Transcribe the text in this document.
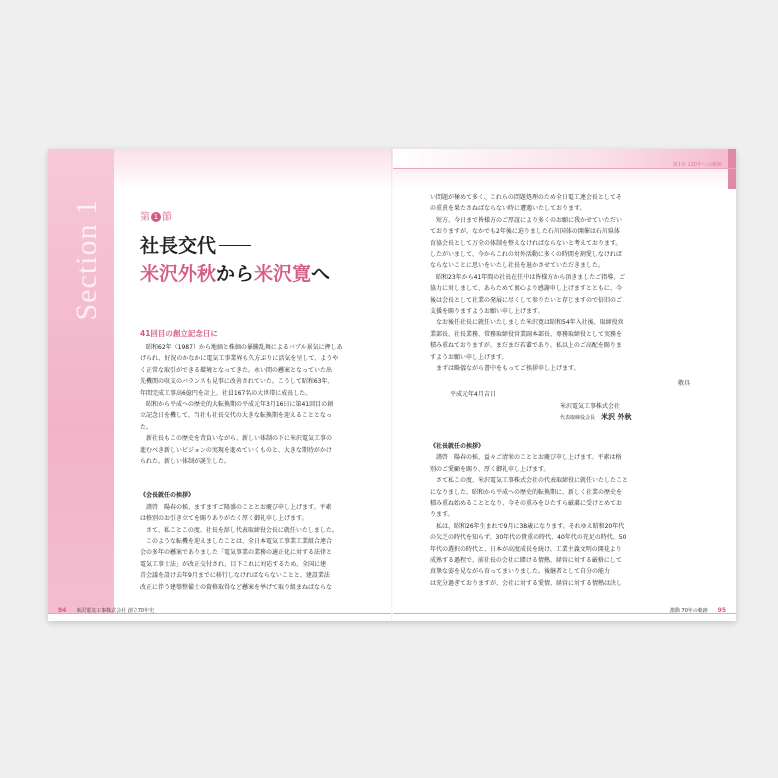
第1章 120年への軌跡
Section 1	第 1 節
社長交代
米沢外秋から米沢寛へ
41回目の創立記念日に

　昭和62年（1987）から地価と株価の暴騰乱舞によるバブル景気に押しあ

げられ、好況のかなかに電気工事業界も久方ぶりに活気を呈して、ようや

く正常な取引ができる環境となってきた。永い間の懸案となっていた出

先機関の収支のバランスも見事に改善されていた。こうして昭和63年、

年間完成工事高6億円を計上、社員167名の大世帯に成長した。

　昭和から平成への歴史的大転換期の平成元年3月16日に第41回目の創

立記念日を機して、当社も社長交代の大きな転換期を迎えることとなっ

た。

　新社長もこの歴史を背負いながら、新しい体制の下に米沢電気工事の

進むべき新しいビジョンの実現を進めていくものと、大きな期待がかけ

られた。新しい体制が誕生した。

《会長就任の挨拶》

　謹啓　陽春の候、ますますご隆盛のこととお慶び申し上げます。平素

は格別のお引き立てを賜りありがたく厚く御礼申し上げます。

　さて、私ことこの度、社長を辞し代表取締役会長に就任いたしました。

　このような転機を迎えましたことは、全日本電気工事業工業組合連合

会の多年の懸案でありました「電気事業の業務の適正化に対する法律と

電気工事士法」が改正交付され、目下これに対応するため、全国に建

青会議を設け去年9月までに移行しなければならないことと、建設業法

改正に伴う建築整備士の資格取得など懸案を挙げて取り組まねばならな

い問題が極めて多く、これらの問題処理のため全日電工連会長としてそ

の重責を果たさねばならない時に遭遇いたしております。

　短方、今日まで皆様方のご厚誼により多くのお願に我かせていただい

ておりますが、なかでも2年後に迫りました石川国体の開催は石川県体

育協会長として万全の体制を整えなければならないと考えております。

したがいまして、今からこれの対外活動に多くの時間を割愛しなければ

ならないことに思いをいたし社長を退かさせていただきました。

　昭和23年から41年間の社長在任中は皆様方から頂きましたご指導、ご

協力に対しまして、あらためて衷心より感謝申し上げますとともに、今

後は会長として社業の発展に尽くして参りたいと存じますので倍旧のご

支援を賜りますようお願い申し上げます。

　なお後任社長に就任いたしました米沢寛は昭和54年入社後、取締役営

業部長、社長業務、常務取締役営業副本部長、専務取締役として実務を

積み重ねておりますが、まだまだ若輩であり、私以上のご高配を賜りま

すようお願い申し上げます。

　まずは略儀ながら書中をもってご挨拶申し上げます。

敬具

平成元年4月吉日

米沢電気工事株式会社

代表取締役会長　 米沢 外秋

《社長就任の挨拶》

　謹啓　陽春の候、益々ご清栄のこととお慶び申し上げます。平素は格

別のご愛顧を賜り、厚く御礼申し上げます。

　さて私この度、米沢電気工事株式会社の代表取締役に就任いたしたこと

になりました。昭和から平成への歴史的転換期に、新しく社業の歴史を

積み重ね始めることとなり、今その重みをひたすら厳粛に受けとめてお

ります。

　私は、昭和26年生まれで9月に38歳になります。それゆえ昭和20年代

の欠乏の時代を知らず、30年代の貴重の時代、40年代の充足の時代、50

年代の選択の時代と、日本が高度成長を続け、工業主義文明の開花より

成熟する過程で、前社長の会社に賭ける情熱、経営に対する厳格にして

真摯な姿を見ながら育ってまいりました。後継者として自分の能力

は充分過ぎておりますが、会社に対する愛情、経営に対する情熱は決し

94 米沢電気工事株式会社 創立70年史	激動 70年の軌跡 95
